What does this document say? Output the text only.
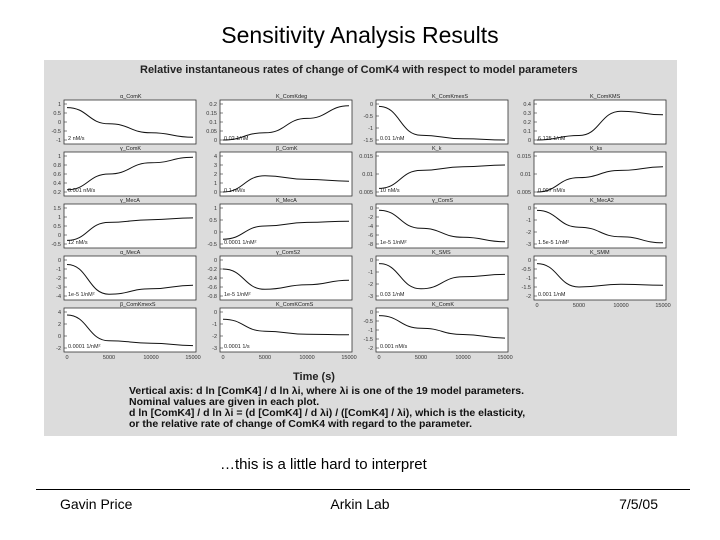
Sensitivity Analysis Results
1
0.5
0
-0.5
-1
α_ComK
2 nM/s
0.2
0.15
0.1
0.05
0
K_ComKdeg
0.02 1/nM
0
-0.5
-1
-1.5
K_ComKmexS
0.01 1/nM
0.4
0.3
0.2
0.1
0
K_ComKMS
6.125 1/nM
1
0.8
0.6
0.4
0.2
γ_ComK
0.001 nM/s
4
3
2
1
0
β_ComK
0.1 nM/s
0.015
0.01
0.005
K_k
10 nM/s
0.015
0.01
0.005
K_ks
0.007 nM/s
1.5
1
0.5
0
-0.5
γ_MecA
12 nM/s
1
0.5
0
-0.5
K_MecA
0.0001 1/nM²
0
-2
-4
-6
-8
γ_ComS
1e-5 1/nM²
0
-1
-2
-3
K_MecA2
1.5e-5 1/nM²
0
-1
-2
-3
-4
α_MecA
1e-5 1/nM²
0
-0.2
-0.4
-0.6
-0.8
γ_ComS2
1e-5 1/nM²
0
-1
-2
-3
K_SMS
0.03 1/nM
0
-0.5
-1
-1.5
-2
K_SMM
0.001 1/nM
0	5000	10000	15000
4
2
0
-2
β_ComKmexS
0.0001 1/nM²
0	5000	10000	15000
0
-1
-2
-3
K_ComKComS
0.0001 1/s
0	5000	10000	15000
0
-0.5
-1
-1.5
-2
K_ComK
0.001 nM/s
0	5000	10000	15000
Time (s)
Relative instantaneous rates of change of ComK4 with respect to model parameters
Vertical axis: d ln [ComK4] / d ln λi, where λi is one of the 19 model parameters.
Nominal values are given in each plot.
d ln [ComK4] / d ln λi = (d [ComK4] / d λi) / ([ComK4] / λi), which is the elasticity,
or the relative rate of change of ComK4 with regard to the parameter.
…this is a little hard to interpret
Gavin Price	Arkin Lab	7/5/05
